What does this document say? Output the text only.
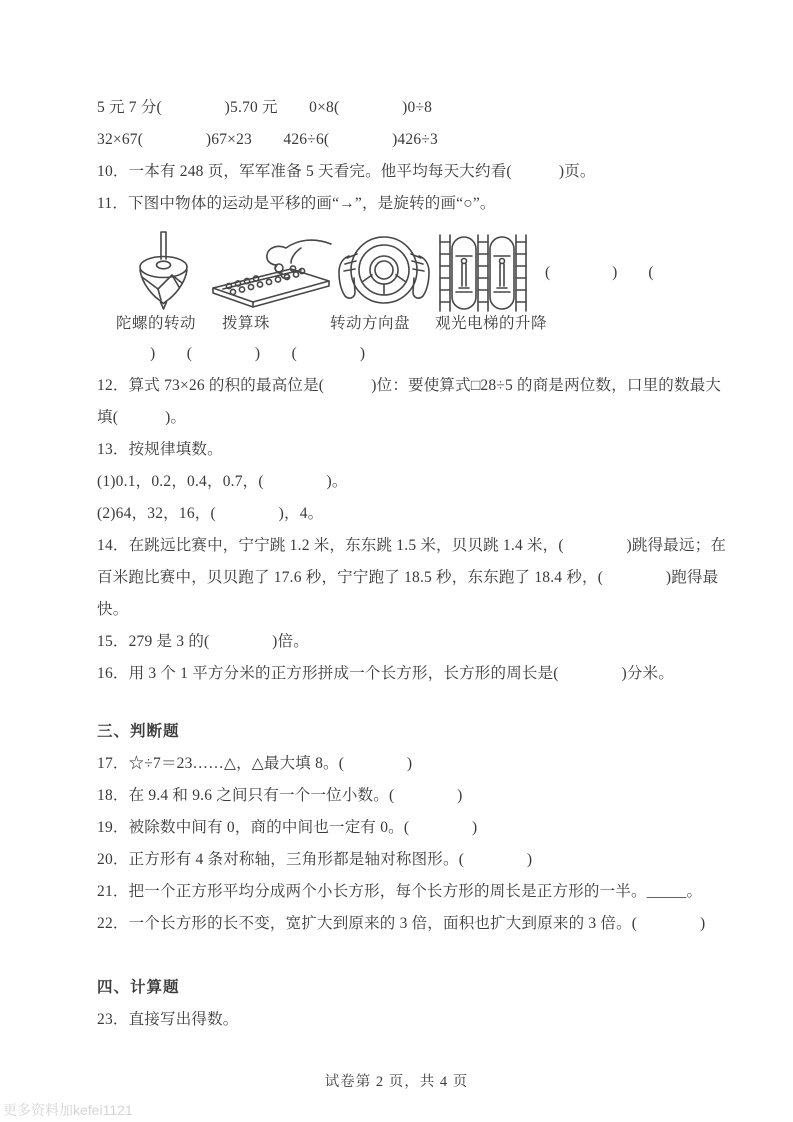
5 元 7 分(　　　　)5.70 元　　0×8(　　　　)0÷8
32×67(　　　　)67×23　　426÷6(　　　　)426÷3
10．一本有 248 页，军军准备 5 天看完。他平均每天大约看(　　　)页。
11．下图中物体的运动是平移的画“→”，是旋转的画“○”。
(　　　　)　　(
陀螺的转动 拨算珠	转动方向盘 观光电梯的升降
)　　(　　　　)　　(　　　　)
12．算式 73×26 的积的最高位是(　　　)位：要使算式□28÷5 的商是两位数，口里的数最大
填(　　　)。
13．按规律填数。
(1)0.1，0.2，0.4，0.7，(　　　　)。
(2)64，32，16，(　　　　)，4。
14．在跳远比赛中，宁宁跳 1.2 米，东东跳 1.5 米，贝贝跳 1.4 米，(　　　　)跳得最远；在
百米跑比赛中，贝贝跑了 17.6 秒，宁宁跑了 18.5 秒，东东跑了 18.4 秒，(　　　　)跑得最
快。
15．279 是 3 的(　　　　)倍。
16．用 3 个 1 平方分米的正方形拼成一个长方形，长方形的周长是(　　　　)分米。
三、判断题
17．☆÷7＝23……△，△最大填 8。(　　　　)
18．在 9.4 和 9.6 之间只有一个一位小数。(　　　　)
19．被除数中间有 0，商的中间也一定有 0。(　　　　)
20．正方形有 4 条对称轴，三角形都是轴对称图形。(　　　　)
21．把一个正方形平均分成两个小长方形，每个长方形的周长是正方形的一半。_____。
22．一个长方形的长不变，宽扩大到原来的 3 倍，面积也扩大到原来的 3 倍。(　　　　)
四、计算题
23．直接写出得数。
试卷第 2 页，共 4 页
更多资料加kefei1121
